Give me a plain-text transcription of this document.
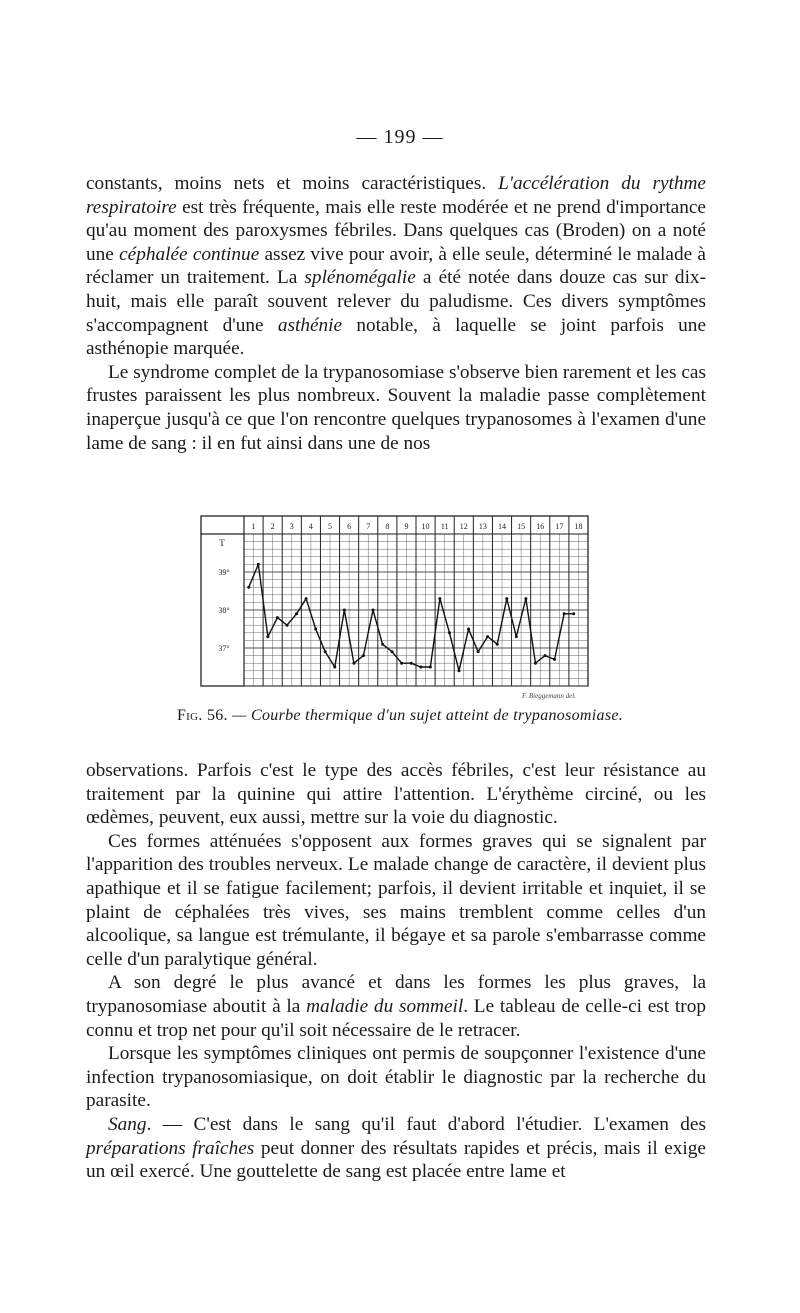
— 199 —

constants, moins nets et moins caractéristiques. L'accélération du rythme respiratoire est très fréquente, mais elle reste modérée et ne prend d'importance qu'au moment des paroxysmes fébriles. Dans quelques cas (Broden) on a noté une céphalée continue assez vive pour avoir, à elle seule, déterminé le malade à réclamer un traitement. La splénomégalie a été notée dans douze cas sur dix-huit, mais elle paraît souvent relever du paludisme. Ces divers symptômes s'accompagnent d'une asthénie notable, à laquelle se joint parfois une asthénopie marquée.

Le syndrome complet de la trypanosomiase s'observe bien rarement et les cas frustes paraissent les plus nombreux. Souvent la maladie passe complètement inaperçue jusqu'à ce que l'on rencontre quelques trypanosomes à l'examen d'une lame de sang : il en fut ainsi dans une de nos

1 2 3 4 5 6 7 8 9 10 11 12 13 14 15 16 17 18
T
39°
38°
37°
F. Bieggemann del.
Fig. 56. — Courbe thermique d'un sujet atteint de trypanosomiase.

observations. Parfois c'est le type des accès fébriles, c'est leur résistance au traitement par la quinine qui attire l'attention. L'érythème circiné, ou les œdèmes, peuvent, eux aussi, mettre sur la voie du diagnostic.

Ces formes atténuées s'opposent aux formes graves qui se signalent par l'apparition des troubles nerveux. Le malade change de caractère, il devient plus apathique et il se fatigue facilement; parfois, il devient irritable et inquiet, il se plaint de céphalées très vives, ses mains tremblent comme celles d'un alcoolique, sa langue est trémulante, il bégaye et sa parole s'embarrasse comme celle d'un paralytique général.

A son degré le plus avancé et dans les formes les plus graves, la trypanosomiase aboutit à la maladie du sommeil. Le tableau de celle-ci est trop connu et trop net pour qu'il soit nécessaire de le retracer.

Lorsque les symptômes cliniques ont permis de soupçonner l'existence d'une infection trypanosomiasique, on doit établir le diagnostic par la recherche du parasite.

Sang. — C'est dans le sang qu'il faut d'abord l'étudier. L'examen des préparations fraîches peut donner des résultats rapides et précis, mais il exige un œil exercé. Une gouttelette de sang est placée entre lame et
